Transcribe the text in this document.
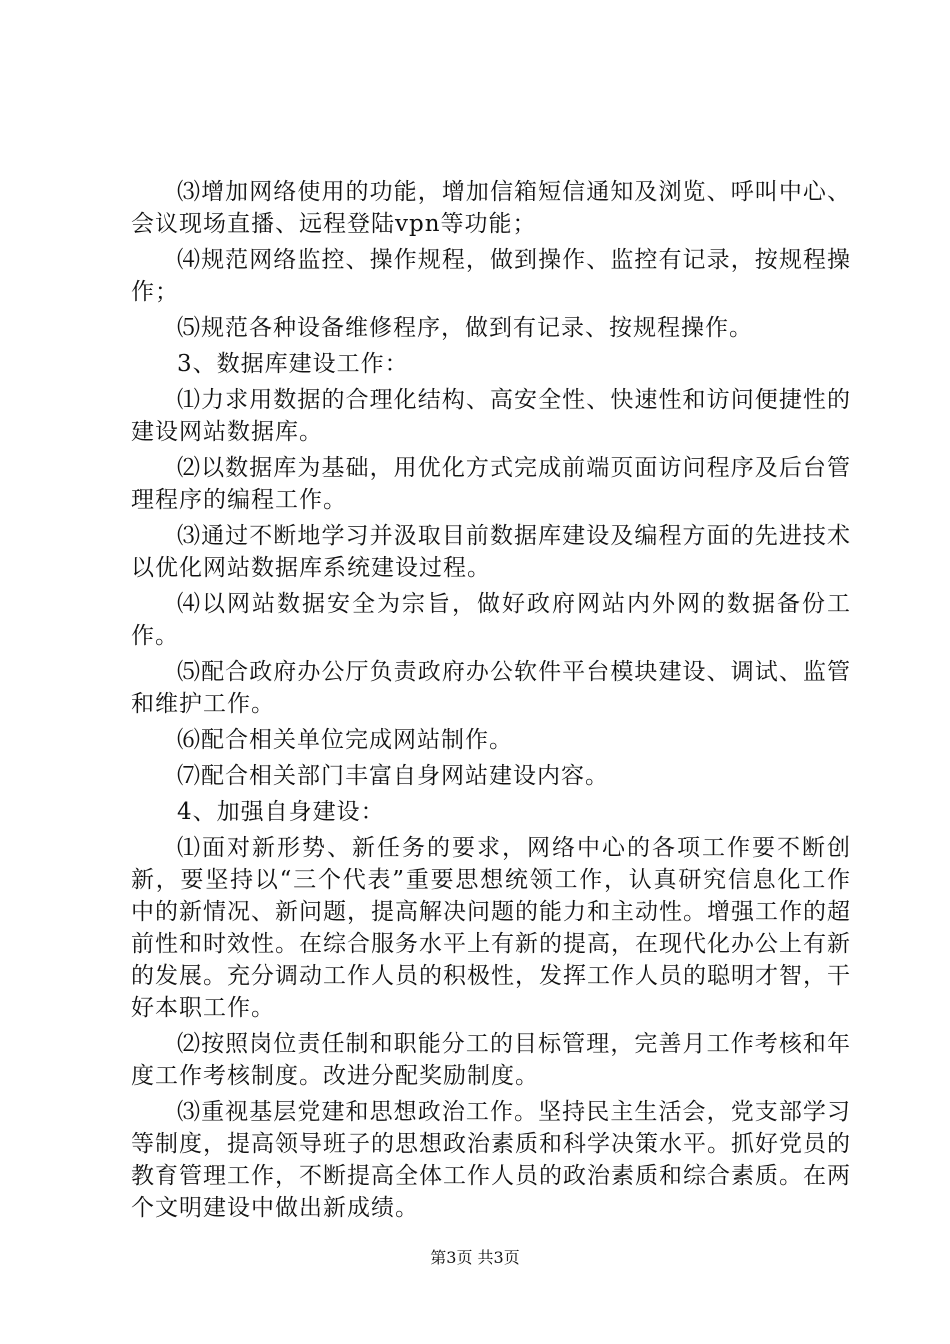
⑶增加网络使用的功能，增加信箱短信通知及浏览、呼叫中心、会议现场直播、远程登陆vpn等功能；

⑷规范网络监控、操作规程，做到操作、监控有记录，按规程操作；

⑸规范各种设备维修程序，做到有记录、按规程操作。

3、数据库建设工作：

⑴力求用数据的合理化结构、高安全性、快速性和访问便捷性的建设网站数据库。

⑵以数据库为基础，用优化方式完成前端页面访问程序及后台管理程序的编程工作。

⑶通过不断地学习并汲取目前数据库建设及编程方面的先进技术以优化网站数据库系统建设过程。

⑷以网站数据安全为宗旨，做好政府网站内外网的数据备份工作。

⑸配合政府办公厅负责政府办公软件平台模块建设、调试、监管和维护工作。

⑹配合相关单位完成网站制作。

⑺配合相关部门丰富自身网站建设内容。

4、加强自身建设：

⑴面对新形势、新任务的要求，网络中心的各项工作要不断创新，要坚持以“三个代表”重要思想统领工作，认真研究信息化工作中的新情况、新问题，提高解决问题的能力和主动性。增强工作的超前性和时效性。在综合服务水平上有新的提高，在现代化办公上有新的发展。充分调动工作人员的积极性，发挥工作人员的聪明才智，干好本职工作。

⑵按照岗位责任制和职能分工的目标管理，完善月工作考核和年度工作考核制度。改进分配奖励制度。

⑶重视基层党建和思想政治工作。坚持民主生活会，党支部学习等制度，提高领导班子的思想政治素质和科学决策水平。抓好党员的教育管理工作，不断提高全体工作人员的政治素质和综合素质。在两个文明建设中做出新成绩。

第3页 共3页
